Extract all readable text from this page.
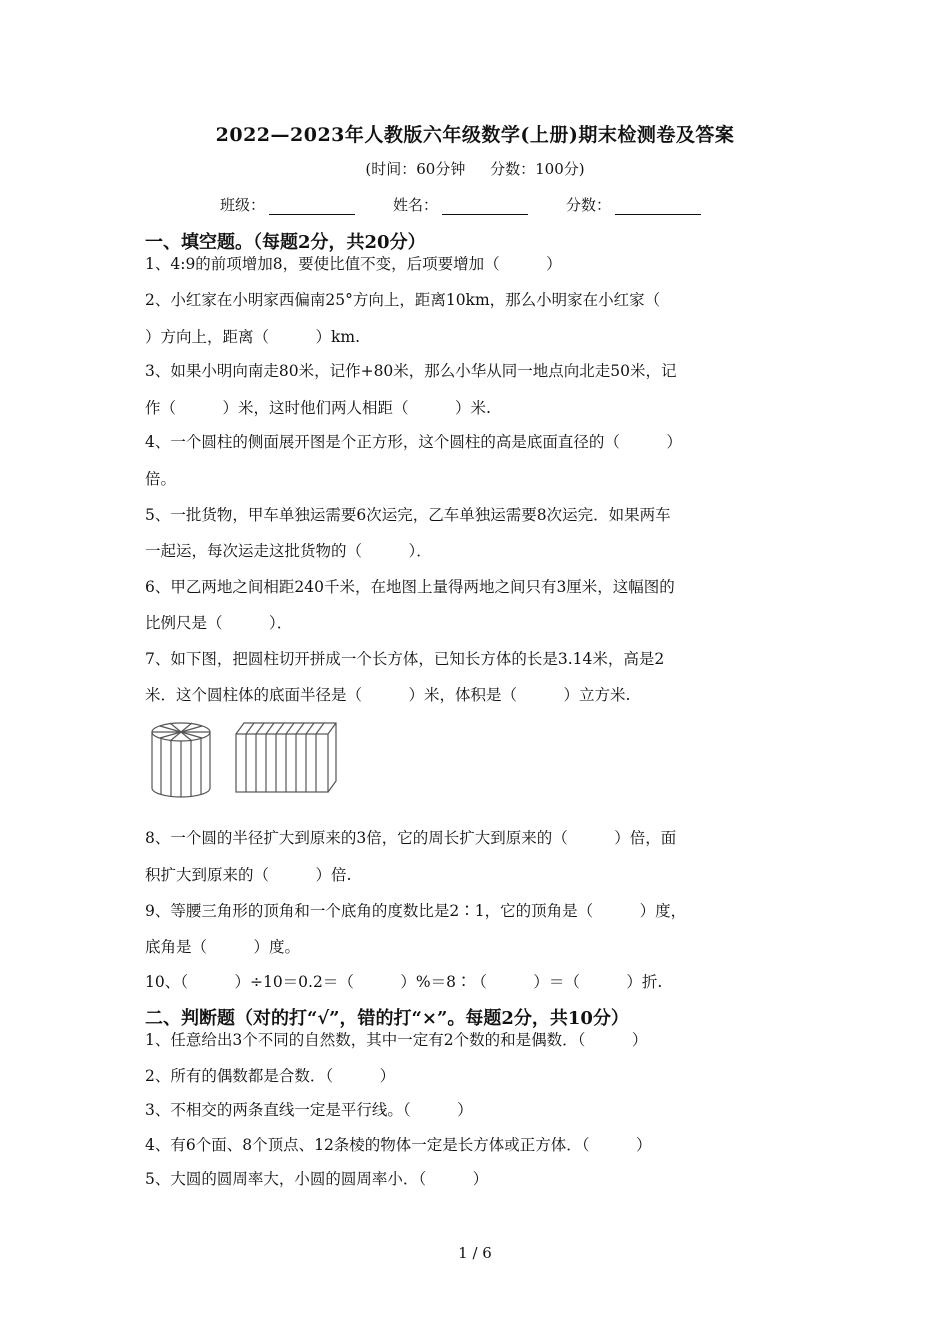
2022—2023年人教版六年级数学(上册)期末检测卷及答案
(时间：60分钟 分数：100分)
班级：	姓名：	分数：
一、填空题。（每题2分，共20分）
1、4:9的前项增加8，要使比值不变，后项要增加（　　　）
2、小红家在小明家西偏南25°方向上，距离10km，那么小明家在小红家（
）方向上，距离（　　　）km.
3、如果小明向南走80米，记作+80米，那么小华从同一地点向北走50米，记
作（　　　）米，这时他们两人相距（　　　）米.
4、一个圆柱的侧面展开图是个正方形，这个圆柱的高是底面直径的（　　　）
倍。
5、一批货物，甲车单独运需要6次运完，乙车单独运需要8次运完．如果两车
一起运，每次运走这批货物的（　　　）．
6、甲乙两地之间相距240千米，在地图上量得两地之间只有3厘米，这幅图的
比例尺是（　　　）．
7、如下图，把圆柱切开拼成一个长方体，已知长方体的长是3.14米，高是2
米．这个圆柱体的底面半径是（　　　）米，体积是（　　　）立方米.
8、一个圆的半径扩大到原来的3倍，它的周长扩大到原来的（　　　）倍，面
积扩大到原来的（　　　）倍.
9、等腰三角形的顶角和一个底角的度数比是2∶1，它的顶角是（　　　）度，
底角是（　　　）度。
10、（　　　）÷10＝0.2＝（　　　）%＝8∶（　　　）＝（　　　）折.
二、判断题（对的打“√”，错的打“×”。每题2分，共10分）
1、任意给出3个不同的自然数，其中一定有2个数的和是偶数．（　　　）
2、所有的偶数都是合数．（　　　）
3、不相交的两条直线一定是平行线。（　　　）
4、有6个面、8个顶点、12条棱的物体一定是长方体或正方体．（　　　）
5、大圆的圆周率大，小圆的圆周率小．（　　　）
1 / 6
